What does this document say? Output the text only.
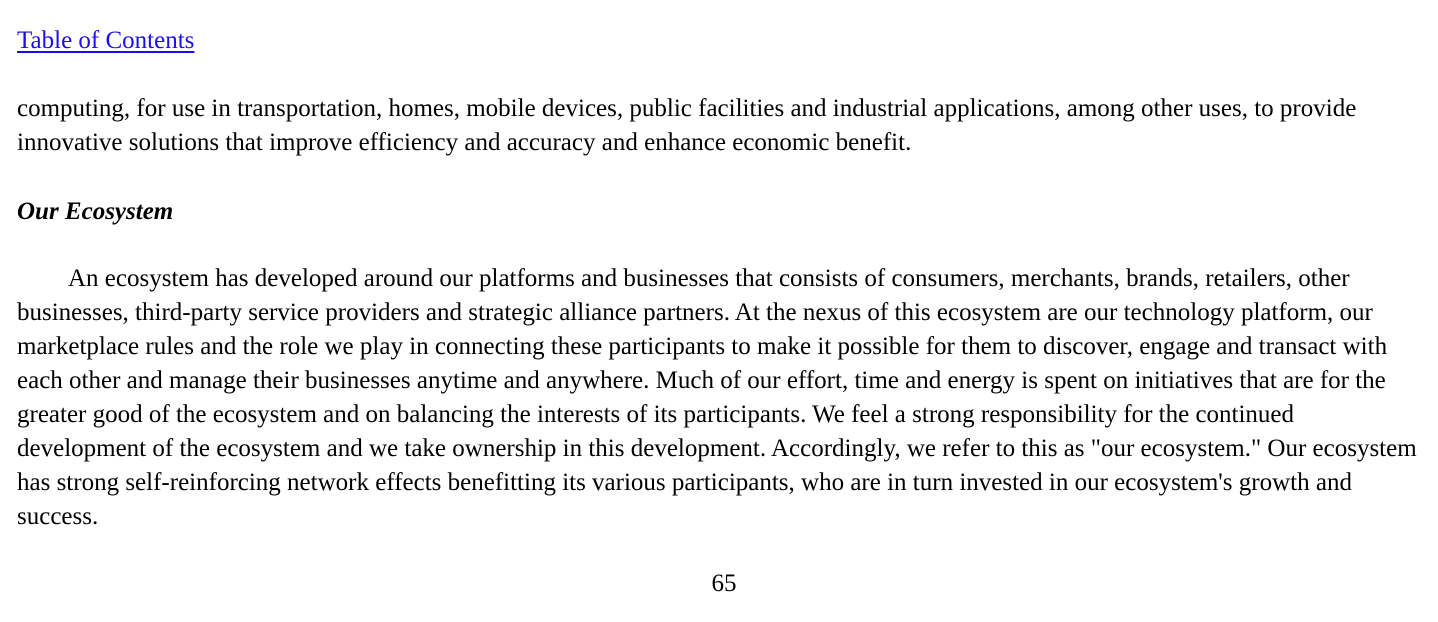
Table of Contents

computing, for use in transportation, homes, mobile devices, public facilities and industrial applications, among other uses, to provide innovative solutions that improve efficiency and accuracy and enhance economic benefit.

Our Ecosystem

An ecosystem has developed around our platforms and businesses that consists of consumers, merchants, brands, retailers, other businesses, third-party service providers and strategic alliance partners. At the nexus of this ecosystem are our technology platform, our marketplace rules and the role we play in connecting these participants to make it possible for them to discover, engage and transact with each other and manage their businesses anytime and anywhere. Much of our effort, time and energy is spent on initiatives that are for the greater good of the ecosystem and on balancing the interests of its participants. We feel a strong responsibility for the continued development of the ecosystem and we take ownership in this development. Accordingly, we refer to this as "our ecosystem." Our ecosystem has strong self-reinforcing network effects benefitting its various participants, who are in turn invested in our ecosystem's growth and success.

65
